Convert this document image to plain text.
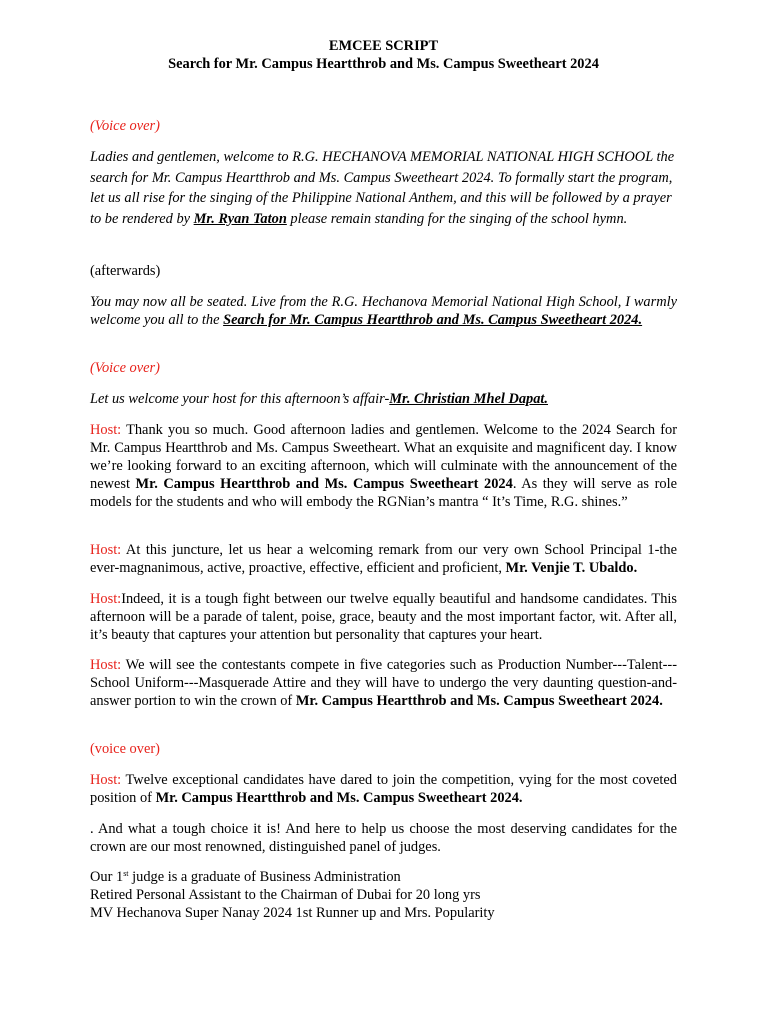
EMCEE SCRIPT
Search for Mr. Campus Heartthrob and Ms. Campus Sweetheart 2024

(Voice over)

Ladies and gentlemen, welcome to R.G. HECHANOVA MEMORIAL NATIONAL HIGH SCHOOL the search for Mr. Campus Heartthrob and Ms. Campus Sweetheart 2024. To formally start the program, let us all rise for the singing of the Philippine National Anthem, and this will be followed by a prayer to be rendered by Mr. Ryan Taton please remain standing for the singing of the school hymn.

(afterwards)

You may now all be seated. Live from the R.G. Hechanova Memorial National High School, I warmly welcome you all to the Search for Mr. Campus Heartthrob and Ms. Campus Sweetheart 2024.

(Voice over)

Let us welcome your host for this afternoon’s affair-Mr. Christian Mhel Dapat.

Host: Thank you so much. Good afternoon ladies and gentlemen. Welcome to the 2024 Search for Mr. Campus Heartthrob and Ms. Campus Sweetheart. What an exquisite and magnificent day. I know we’re looking forward to an exciting afternoon, which will culminate with the announcement of the newest Mr. Campus Heartthrob and Ms. Campus Sweetheart 2024. As they will serve as role models for the students and who will embody the RGNian’s mantra “ It’s Time, R.G. shines.”

Host: At this juncture, let us hear a welcoming remark from our very own School Principal 1-the ever-magnanimous, active, proactive, effective, efficient and proficient, Mr. Venjie T. Ubaldo.

Host:Indeed, it is a tough fight between our twelve equally beautiful and handsome candidates. This afternoon will be a parade of talent, poise, grace, beauty and the most important factor, wit. After all, it’s beauty that captures your attention but personality that captures your heart.

Host: We will see the contestants compete in five categories such as Production Number---Talent---School Uniform---Masquerade Attire and they will have to undergo the very daunting question-and-answer portion to win the crown of Mr. Campus Heartthrob and Ms. Campus Sweetheart 2024.

(voice over)

Host: Twelve exceptional candidates have dared to join the competition, vying for the most coveted position of Mr. Campus Heartthrob and Ms. Campus Sweetheart 2024.

. And what a tough choice it is! And here to help us choose the most deserving candidates for the crown are our most renowned, distinguished panel of judges.

Our 1st judge is a graduate of Business Administration

Retired Personal Assistant to the Chairman of Dubai for 20 long yrs

MV Hechanova Super Nanay 2024 1st Runner up and Mrs. Popularity
